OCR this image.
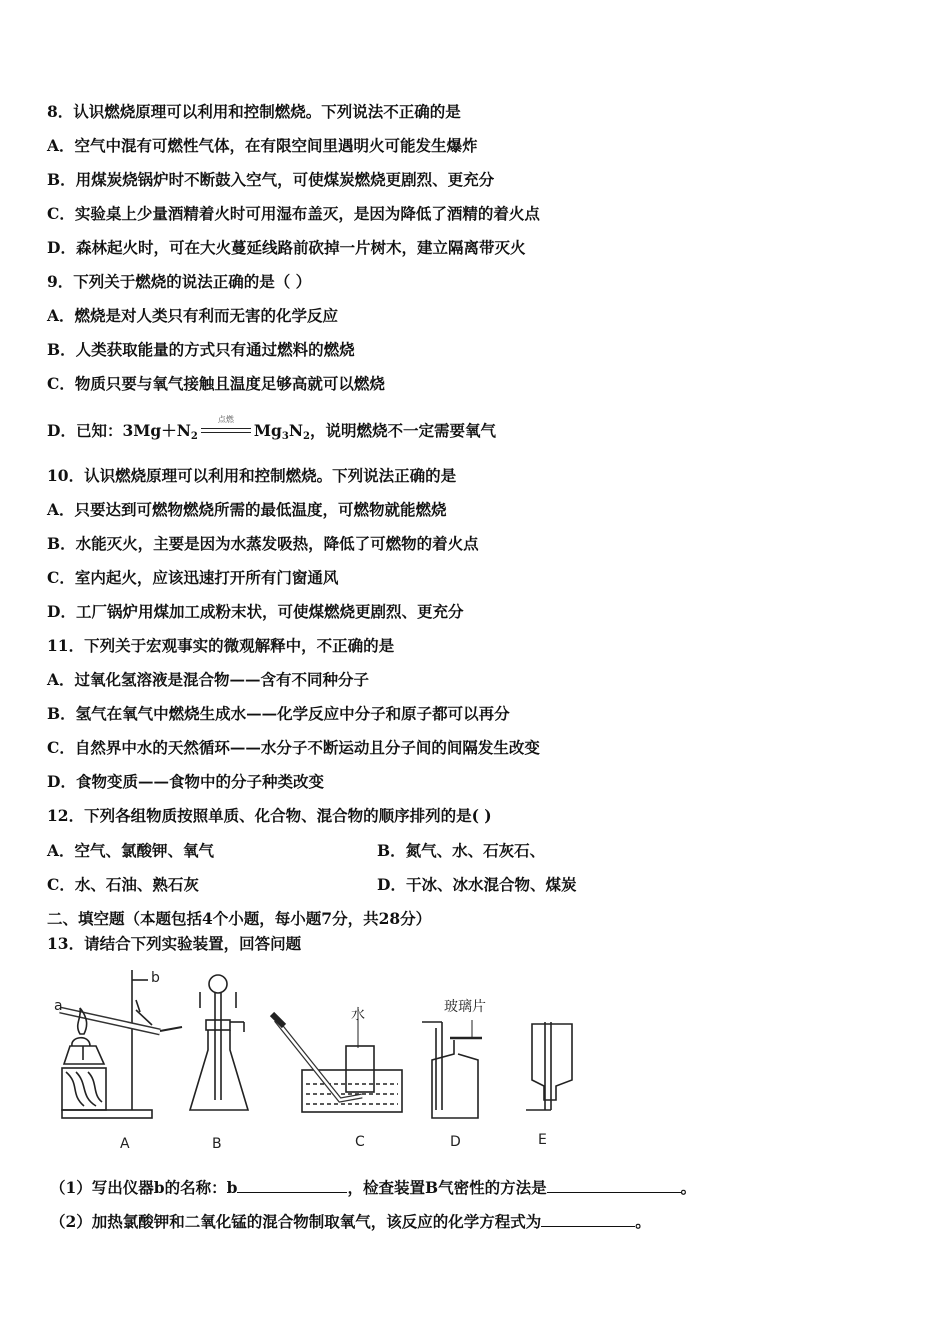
8．认识燃烧原理可以利用和控制燃烧。下列说法不正确的是
A．空气中混有可燃性气体，在有限空间里遇明火可能发生爆炸
B．用煤炭烧锅炉时不断鼓入空气，可使煤炭燃烧更剧烈、更充分
C．实验桌上少量酒精着火时可用湿布盖灭，是因为降低了酒精的着火点
D．森林起火时，可在大火蔓延线路前砍掉一片树木，建立隔离带灭火
9．下列关于燃烧的说法正确的是（ ）
A．燃烧是对人类只有利而无害的化学反应
B．人类获取能量的方式只有通过燃料的燃烧
C．物质只要与氧气接触且温度足够高就可以燃烧
D．已知：$3Mg+N_2$
点燃
$Mg_3N_2$，说明燃烧不一定需要氧气
10．认识燃烧原理可以利用和控制燃烧。下列说法正确的是
A．只要达到可燃物燃烧所需的最低温度，可燃物就能燃烧
B．水能灭火，主要是因为水蒸发吸热，降低了可燃物的着火点
C．室内起火，应该迅速打开所有门窗通风
D．工厂锅炉用煤加工成粉末状，可使煤燃烧更剧烈、更充分
11．下列关于宏观事实的微观解释中，不正确的是
A．过氧化氢溶液是混合物——含有不同种分子
B．氢气在氧气中燃烧生成水——化学反应中分子和原子都可以再分
C．自然界中水的天然循环——水分子不断运动且分子间的间隔发生改变
D．食物变质——食物中的分子种类改变
12．下列各组物质按照单质、化合物、混合物的顺序排列的是( )
A．空气、氯酸钾、氧气	B．氮气、水、石灰石、
C．水、石油、熟石灰	D．干冰、冰水混合物、煤炭
二、填空题（本题包括4个小题，每小题7分，共28分）
13．请结合下列实验装置，回答问题
a
b
水	玻璃片
A	B	C	D	E
（1）写出仪器b的名称：b	，检查装置B气密性的方法是	。
（2）加热氯酸钾和二氧化锰的混合物制取氧气，该反应的化学方程式为	。
